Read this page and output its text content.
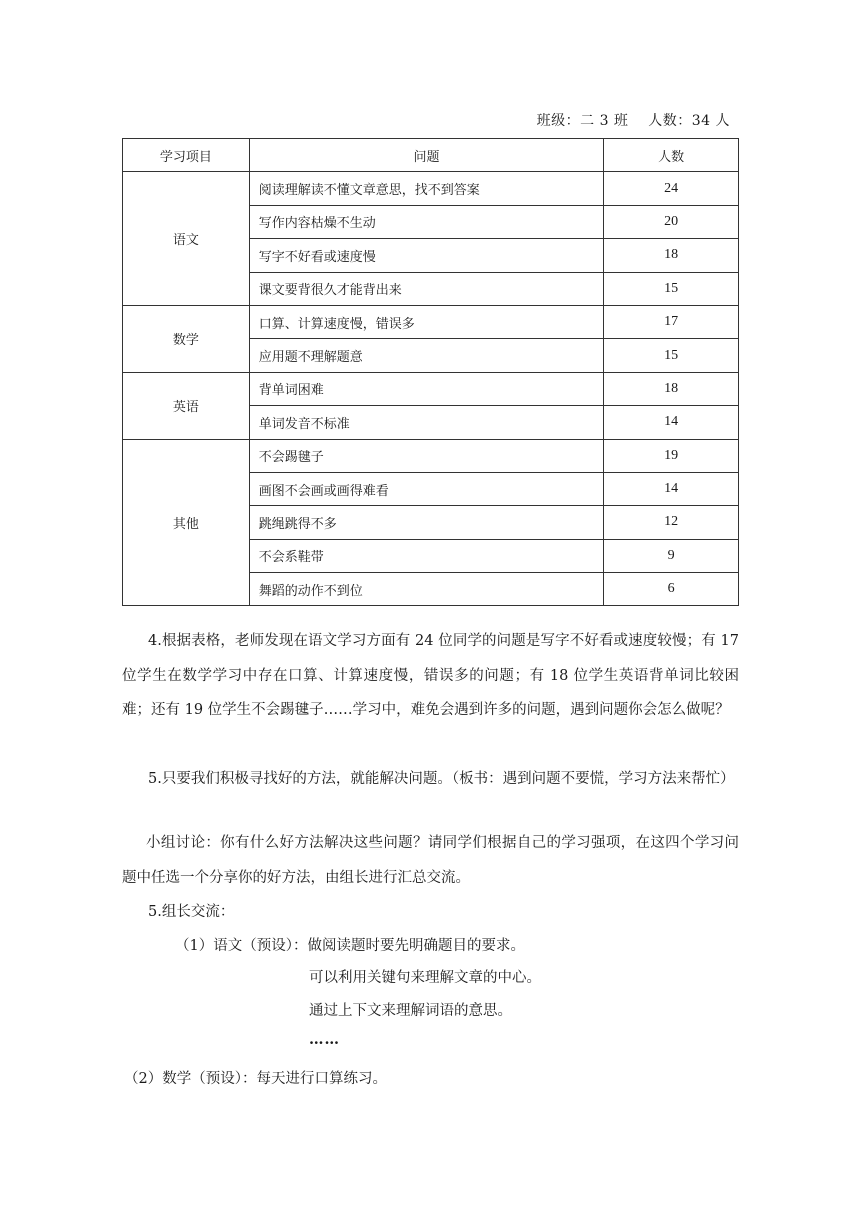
班级：二 3 班    人数：34 人
学习项目	问题	人数
语文	阅读理解读不懂文章意思，找不到答案	24
	写作内容枯燥不生动	20
	写字不好看或速度慢	18
	课文要背很久才能背出来	15
数学	口算、计算速度慢，错误多	17
	应用题不理解题意	15
英语	背单词困难	18
	单词发音不标准	14
其他	不会踢毽子	19
	画图不会画或画得难看	14
	跳绳跳得不多	12
	不会系鞋带	9
	舞蹈的动作不到位	6

4.根据表格，老师发现在语文学习方面有 24 位同学的问题是写字不好看或速度较慢；有 17 位学生在数学学习中存在口算、计算速度慢，错误多的问题；有 18 位学生英语背单词比较困难；还有 19 位学生不会踢毽子……学习中，难免会遇到许多的问题，遇到问题你会怎么做呢？

5.只要我们积极寻找好的方法，就能解决问题。（板书：遇到问题不要慌，学习方法来帮忙）

小组讨论：你有什么好方法解决这些问题？请同学们根据自己的学习强项，在这四个学习问题中任选一个分享你的好方法，由组长进行汇总交流。

5.组长交流：

（1）语文（预设）：做阅读题时要先明确题目的要求。
可以利用关键句来理解文章的中心。
通过上下文来理解词语的意思。
……
（2）数学（预设）：每天进行口算练习。
